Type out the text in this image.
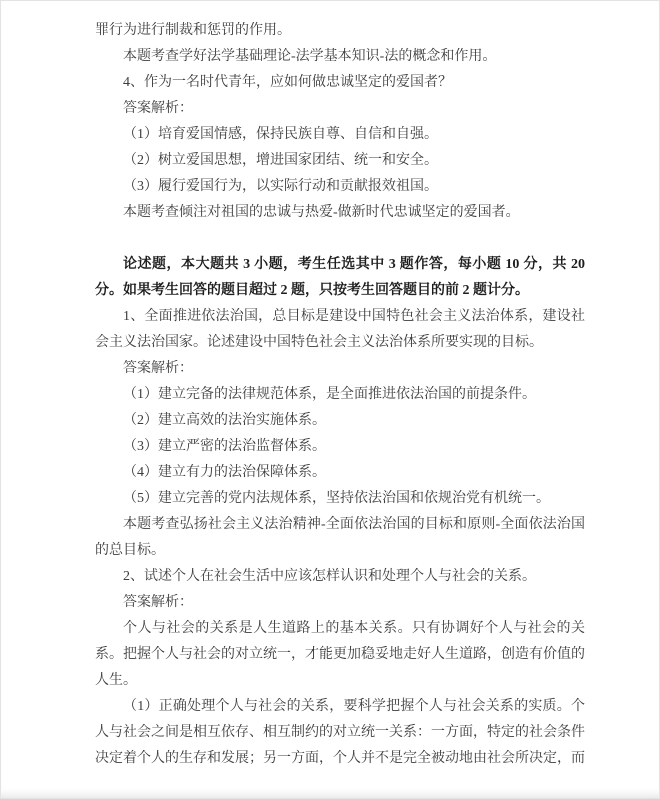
罪行为进行制裁和惩罚的作用。

本题考查学好法学基础理论-法学基本知识-法的概念和作用。

4、作为一名时代青年，应如何做忠诚坚定的爱国者？

答案解析：

（1）培育爱国情感，保持民族自尊、自信和自强。

（2）树立爱国思想，增进国家团结、统一和安全。

（3）履行爱国行为，以实际行动和贡献报效祖国。

本题考查倾注对祖国的忠诚与热爱-做新时代忠诚坚定的爱国者。

论述题，本大题共 3 小题，考生任选其中 3 题作答，每小题 10 分，共 20 分。如果考生回答的题目超过 2 题，只按考生回答题目的前 2 题计分。

1、全面推进依法治国，总目标是建设中国特色社会主义法治体系，建设社会主义法治国家。论述建设中国特色社会主义法治体系所要实现的目标。

答案解析：

（1）建立完备的法律规范体系，是全面推进依法治国的前提条件。

（2）建立高效的法治实施体系。

（3）建立严密的法治监督体系。

（4）建立有力的法治保障体系。

（5）建立完善的党内法规体系，坚持依法治国和依规治党有机统一。

本题考查弘扬社会主义法治精神-全面依法治国的目标和原则-全面依法治国的总目标。

2、试述个人在社会生活中应该怎样认识和处理个人与社会的关系。

答案解析：

个人与社会的关系是人生道路上的基本关系。只有协调好个人与社会的关系。把握个人与社会的对立统一，才能更加稳妥地走好人生道路，创造有价值的人生。

（1）正确处理个人与社会的关系，要科学把握个人与社会关系的实质。个人与社会之间是相互依存、相互制约的对立统一关系：一方面，特定的社会条件决定着个人的生存和发展；另一方面，个人并不是完全被动地由社会所决定，而
